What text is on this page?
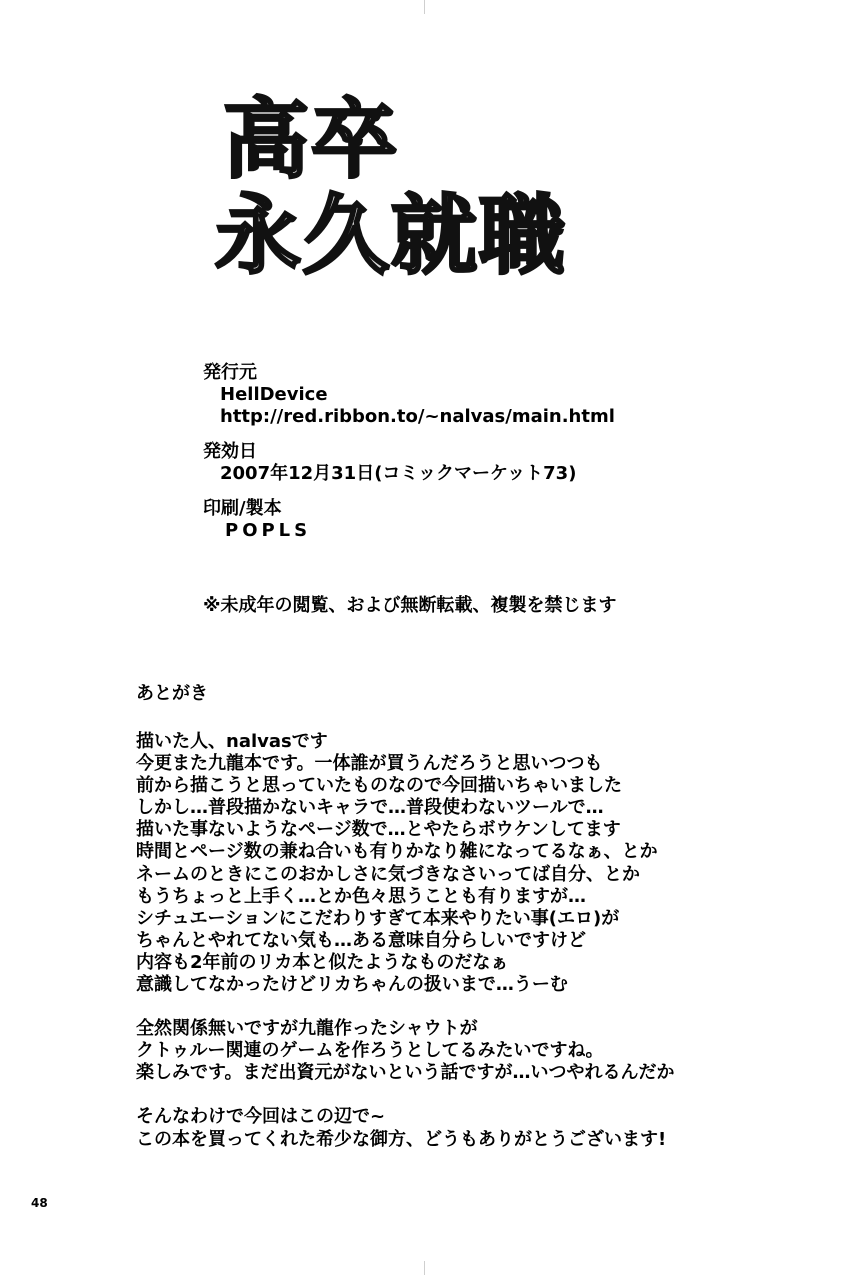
高卒
永久就職
発行元
HellDevice
http://red.ribbon.to/~nalvas/main.html
発効日
2007年12月31日(コミックマーケット73)
印刷/製本
POPLS
※未成年の閲覧、および無断転載、複製を禁じます
あとがき
描いた人、nalvasです
今更また九龍本です。一体誰が買うんだろうと思いつつも
前から描こうと思っていたものなので今回描いちゃいました
しかし…普段描かないキャラで…普段使わないツールで…
描いた事ないようなページ数で…とやたらボウケンしてます
時間とページ数の兼ね合いも有りかなり雑になってるなぁ、とか
ネームのときにこのおかしさに気づきなさいってば自分、とか
もうちょっと上手く…とか色々思うことも有りますが…
シチュエーションにこだわりすぎて本来やりたい事(エロ)が
ちゃんとやれてない気も…ある意味自分らしいですけど
内容も2年前のリカ本と似たようなものだなぁ
意識してなかったけどリカちゃんの扱いまで…うーむ
全然関係無いですが九龍作ったシャウトが
クトゥルー関連のゲームを作ろうとしてるみたいですね。
楽しみです。まだ出資元がないという話ですが…いつやれるんだか
そんなわけで今回はこの辺で~
この本を買ってくれた希少な御方、どうもありがとうございます!
48
